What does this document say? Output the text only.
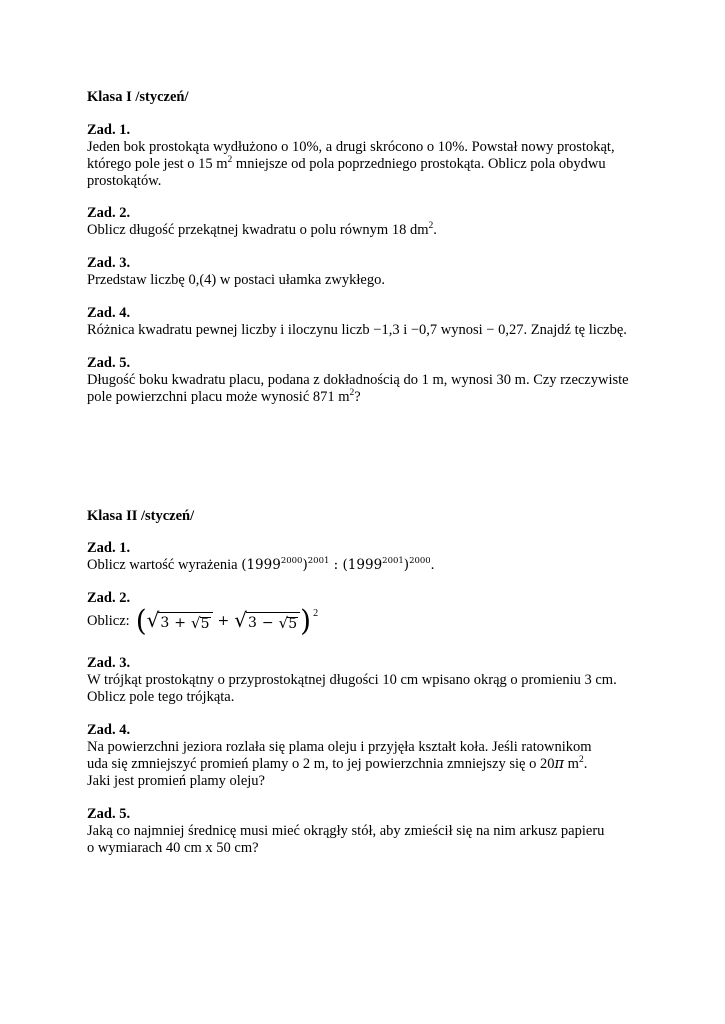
Klasa I /styczeń/
Zad. 1.
Jeden bok prostokąta wydłużono o 10%, a drugi skrócono o 10%. Powstał nowy prostokąt,
którego pole jest o 15 $m^2$ mniejsze od pola poprzedniego prostokąta. Oblicz pola obydwu
prostokątów.
Zad. 2.
Oblicz długość przekątnej kwadratu o polu równym 18 $dm^2$.
Zad. 3.
Przedstaw liczbę 0,(4) w postaci ułamka zwykłego.
Zad. 4.
Różnica kwadratu pewnej liczby i iloczynu liczb −1,3 i −0,7 wynosi − 0,27. Znajdź tę liczbę.
Zad. 5.
Długość boku kwadratu placu, podana z dokładnością do 1 m, wynosi 30 m. Czy rzeczywiste
pole powierzchni placu może wynosić 871 $m^2$?
Klasa II /styczeń/
Zad. 1.
Oblicz wartość wyrażenia $(1999^{2000})^{2001}$ : $(1999^{2001})^{2000}$.
Zad. 2.
Oblicz: ( √ 3 + √ 5 + √ 3 − √ 5 ) 2
Zad. 3.
W trójkąt prostokątny o przyprostokątnej długości 10 cm wpisano okrąg o promieniu 3 cm.
Oblicz pole tego trójkąta.
Zad. 4.
Na powierzchni jeziora rozlała się plama oleju i przyjęła kształt koła. Jeśli ratownikom
uda się zmniejszyć promień plamy o 2 m, to jej powierzchnia zmniejszy się o 20π $m^2$.
Jaki jest promień plamy oleju?
Zad. 5.
Jaką co najmniej średnicę musi mieć okrągły stół, aby zmieścił się na nim arkusz papieru
o wymiarach 40 cm x 50 cm?
